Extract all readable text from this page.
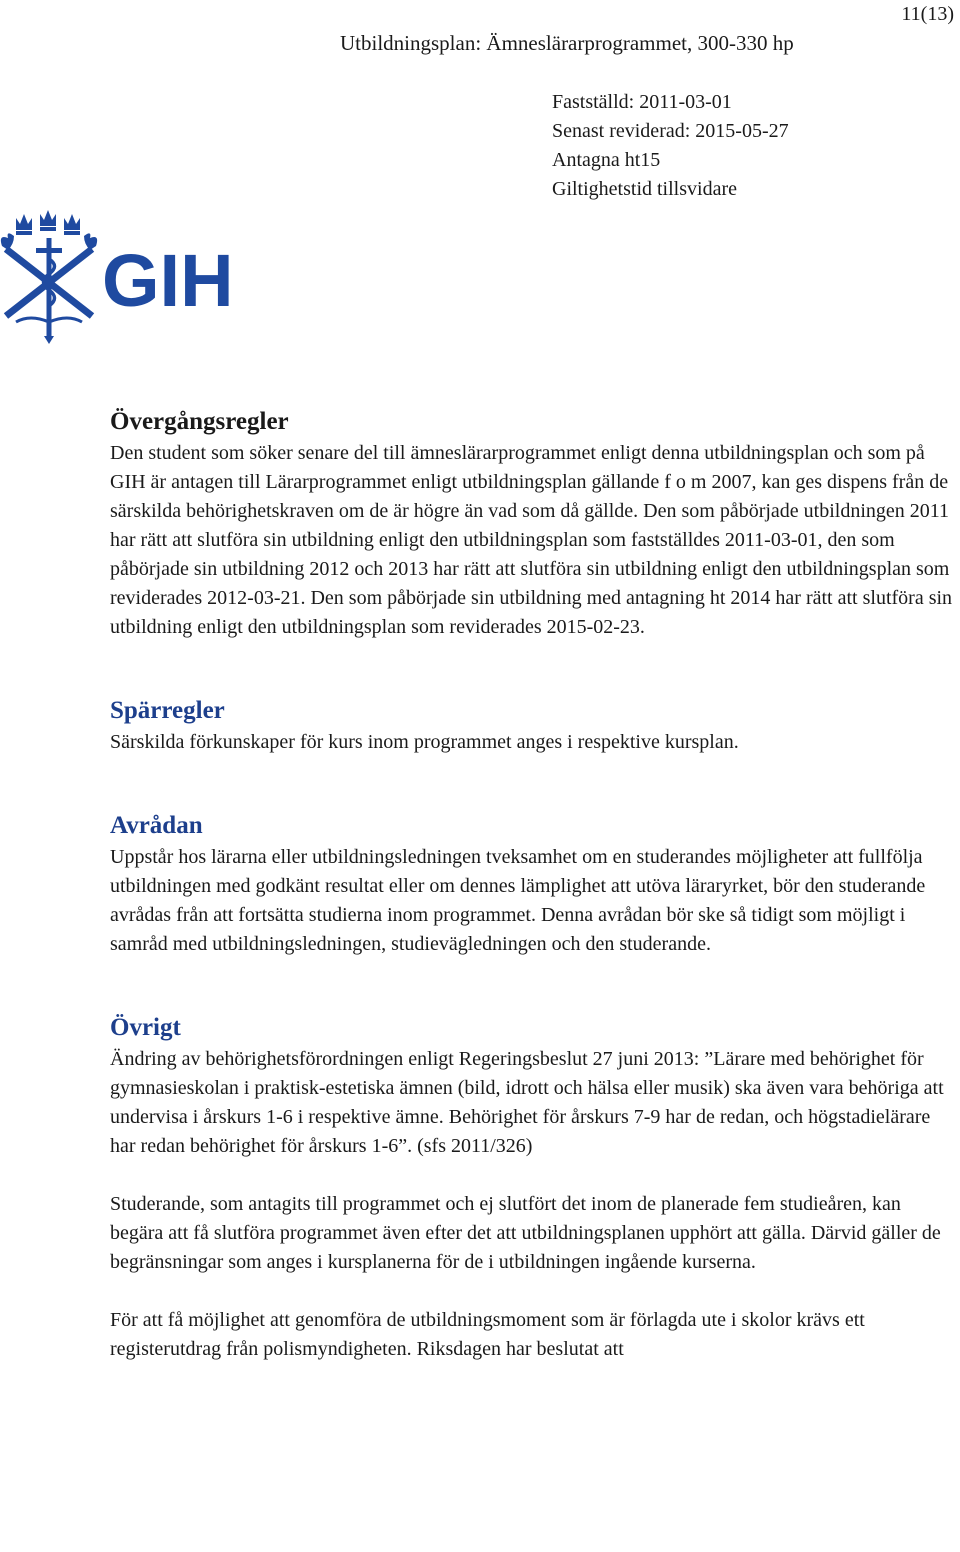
11(13)
Utbildningsplan: Ämneslärarprogrammet, 300-330 hp
Fastställd: 2011-03-01
Senast reviderad: 2015-05-27
Antagna ht15
Giltighetstid tillsvidare
GIH
Övergångsregler

Den student som söker senare del till ämneslärarprogrammet enligt denna utbildningsplan och som på GIH är antagen till Lärarprogrammet enligt utbildningsplan gällande f o m 2007, kan ges dispens från de särskilda behörighetskraven om de är högre än vad som då gällde. Den som påbörjade utbildningen 2011 har rätt att slutföra sin utbildning enligt den utbildningsplan som fastställdes 2011-03-01, den som påbörjade sin utbildning 2012 och 2013 har rätt att slutföra sin utbildning enligt den utbildningsplan som reviderades 2012-03-21. Den som påbörjade sin utbildning med antagning ht 2014 har rätt att slutföra sin utbildning enligt den utbildningsplan som reviderades 2015-02-23.

Spärregler

Särskilda förkunskaper för kurs inom programmet anges i respektive kursplan.

Avrådan

Uppstår hos lärarna eller utbildningsledningen tveksamhet om en studerandes möjligheter att fullfölja utbildningen med godkänt resultat eller om dennes lämplighet att utöva läraryrket, bör den studerande avrådas från att fortsätta studierna inom programmet. Denna avrådan bör ske så tidigt som möjligt i samråd med utbildningsledningen, studievägledningen och den studerande.

Övrigt

Ändring av behörighetsförordningen enligt Regeringsbeslut 27 juni 2013: ”Lärare med behörighet för gymnasieskolan i praktisk-estetiska ämnen (bild, idrott och hälsa eller musik) ska även vara behöriga att undervisa i årskurs 1-6 i respektive ämne. Behörighet för årskurs 7-9 har de redan, och högstadielärare har redan behörighet för årskurs 1-6”. (sfs 2011/326)

Studerande, som antagits till programmet och ej slutfört det inom de planerade fem studieåren, kan begära att få slutföra programmet även efter det att utbildningsplanen upphört att gälla. Därvid gäller de begränsningar som anges i kursplanerna för de i utbildningen ingående kurserna.

För att få möjlighet att genomföra de utbildningsmoment som är förlagda ute i skolor krävs ett registerutdrag från polismyndigheten. Riksdagen har beslutat att
